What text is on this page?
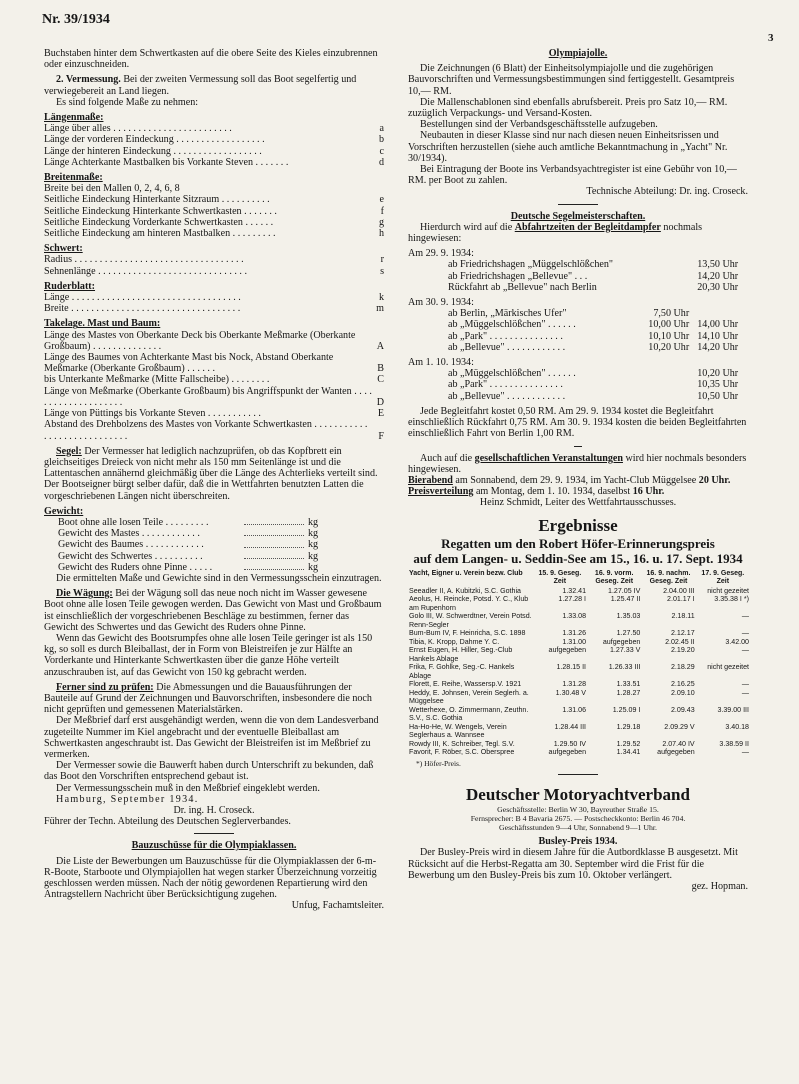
Nr. 39/1934
3

Buchstaben hinter dem Schwertkasten auf die obere Seite des Kieles einzubrennen oder einzuschneiden.

2. Vermessung. Bei der zweiten Vermessung soll das Boot segelfertig und verwiegebereit an Land liegen.

Es sind folgende Maße zu nehmen:

Längenmaße:

Länge über alles . . . . . . . . . . . . . . . . . . . . . . . .	a
Länge der vorderen Eindeckung . . . . . . . . . . . . . . . . . .	b
Länge der hinteren Eindeckung . . . . . . . . . . . . . . . . . .	c
Länge Achterkante Mastbalken bis Vorkante Steven . . . . . . .	d

Breitenmaße:

Breite bei den Mallen 0, 2, 4, 6, 8

Seitliche Eindeckung Hinterkante Sitzraum . . . . . . . . . .	e
Seitliche Eindeckung Hinterkante Schwertkasten . . . . . . .	f
Seitliche Eindeckung Vorderkante Schwertkasten . . . . . .	g
Seitliche Eindeckung am hinteren Mastbalken . . . . . . . . .	h

Schwert:

Radius . . . . . . . . . . . . . . . . . . . . . . . . . . . . . . . . . .	r
Sehnenlänge . . . . . . . . . . . . . . . . . . . . . . . . . . . . . .	s

Ruderblatt:

Länge . . . . . . . . . . . . . . . . . . . . . . . . . . . . . . . . . .	k
Breite . . . . . . . . . . . . . . . . . . . . . . . . . . . . . . . . . .	m

Takelage. Mast und Baum:

Länge des Mastes von Oberkante Deck bis Oberkante Meßmarke (Oberkante Großbaum) . . . . . . . . . . . . . .	A
Länge des Baumes von Achterkante Mast bis Nock, Abstand Oberkante Meßmarke (Oberkante Großbaum) . . . . . .	B
bis Unterkante Meßmarke (Mitte Fallscheibe) . . . . . . . .	C
Länge von Meßmarke (Oberkante Großbaum) bis Angriffspunkt der Wanten . . . . . . . . . . . . . . . . . . . .	D
Länge von Püttings bis Vorkante Steven . . . . . . . . . . .	E
Abstand des Drehbolzens des Mastes von Vorkante Schwertkasten . . . . . . . . . . . . . . . . . . . . . . . . . . . .	F

Segel: Der Vermesser hat lediglich nachzuprüfen, ob das Kopfbrett ein gleichseitiges Dreieck von nicht mehr als 150 mm Seitenlänge ist und die Lattentaschen annähernd gleichmäßig über die Länge des Achterlieks verteilt sind. Der Bootseigner bürgt selber dafür, daß die in Wettfahrten benutzten Latten die vorgeschriebenen Längen nicht überschreiten.

Gewicht:

Boot ohne alle losen Teile . . . . . . . . .	kg
Gewicht des Mastes . . . . . . . . . . . .	kg
Gewicht des Baumes . . . . . . . . . . . .	kg
Gewicht des Schwertes . . . . . . . . . .	kg
Gewicht des Ruders ohne Pinne . . . . .	kg

Die ermittelten Maße und Gewichte sind in den Vermessungsschein einzutragen.

Die Wägung: Bei der Wägung soll das neue noch nicht im Wasser gewesene Boot ohne alle losen Teile gewogen werden. Das Gewicht von Mast und Großbaum ist einschließlich der vorgeschriebenen Beschläge zu bestimmen, ferner das Gewicht des Schwertes und das Gewicht des Ruders ohne Pinne.

Wenn das Gewicht des Bootsrumpfes ohne alle losen Teile geringer ist als 150 kg, so soll es durch Bleiballast, der in Form von Bleistreifen je zur Hälfte an Vorderkante und Hinterkante Schwertkasten über die ganze Höhe verteilt anzuschrauben ist, auf das Gewicht von 150 kg gebracht werden.

Ferner sind zu prüfen: Die Abmessungen und die Bauausführungen der Bauteile auf Grund der Zeichnungen und Bauvorschriften, insbesondere die noch nicht geprüften und gemessenen Materialstärken.

Der Meßbrief darf erst ausgehändigt werden, wenn die von dem Landesverband zugeteilte Nummer im Kiel angebracht und der eventuelle Bleiballast am Schwertkasten angeschraubt ist. Das Gewicht der Bleistreifen ist im Meßbrief zu vermerken.

Der Vermesser sowie die Bauwerft haben durch Unterschrift zu bekunden, daß das Boot den Vorschriften entsprechend gebaut ist.

Der Vermessungsschein muß in den Meßbrief eingeklebt werden.

Hamburg, September 1934.

Dr. ing. H. Croseck.

Führer der Techn. Abteilung des Deutschen Seglerverbandes.

Bauzuschüsse für die Olympiaklassen.

Die Liste der Bewerbungen um Bauzuschüsse für die Olympiaklassen der 6-m-R-Boote, Starboote und Olympiajollen hat wegen starker Überzeichnung vorzeitig geschlossen werden müssen. Nach der nötig gewordenen Repartierung wird den Antragstellern Nachricht über Berücksichtigung zugehen.

Unfug, Fachamtsleiter.

Olympiajolle.

Die Zeichnungen (6 Blatt) der Einheitsolympiajolle und die zugehörigen Bauvorschriften und Vermessungsbestimmungen sind fertiggestellt. Gesamtpreis 10,— RM.

Die Mallenschablonen sind ebenfalls abrufsbereit. Preis pro Satz 10,— RM. zuzüglich Verpackungs- und Versand-Kosten.

Bestellungen sind der Verbandsgeschäftsstelle aufzugeben.

Neubauten in dieser Klasse sind nur nach diesen neuen Einheitsrissen und Vorschriften herzustellen (siehe auch amtliche Bekanntmachung in „Yacht" Nr. 30/1934).

Bei Eintragung der Boote ins Verbandsyachtregister ist eine Gebühr von 10,— RM. per Boot zu zahlen.

Technische Abteilung: Dr. ing. Croseck.

Deutsche Segelmeisterschaften.

Hierdurch wird auf die Abfahrtzeiten der Begleitdampfer nochmals hingewiesen:

Am 29. 9. 1934:

ab Friedrichshagen „Müggelschlößchen"	13,50 Uhr
ab Friedrichshagen „Bellevue" . . .	14,20 Uhr
Rückfahrt ab „Bellevue" nach Berlin	20,30 Uhr

Am 30. 9. 1934:

ab Berlin, „Märkisches Ufer"	7,50 Uhr
ab „Müggelschlößchen" . . . . . .	10,00 Uhr 14,00 Uhr
ab „Park" . . . . . . . . . . . . . . .	10,10 Uhr 14,10 Uhr
ab „Bellevue" . . . . . . . . . . . .	10,20 Uhr 14,20 Uhr

Am 1. 10. 1934:

ab „Müggelschlößchen" . . . . . .	10,20 Uhr
ab „Park" . . . . . . . . . . . . . . .	10,35 Uhr
ab „Bellevue" . . . . . . . . . . . .	10,50 Uhr

Jede Begleitfahrt kostet 0,50 RM. Am 29. 9. 1934 kostet die Begleitfahrt einschließlich Rückfahrt 0,75 RM. Am 30. 9. 1934 kosten die beiden Begleitfahrten einschließlich Fahrt von Berlin 1,00 RM.

Auch auf die gesellschaftlichen Veranstaltungen wird hier nochmals besonders hingewiesen.

Bierabend am Sonnabend, dem 29. 9. 1934, im Yacht-Club Müggelsee 20 Uhr.

Preisverteilung am Montag, dem 1. 10. 1934, daselbst 16 Uhr.

Heinz Schmidt, Leiter des Wettfahrtausschusses.

Ergebnisse
Regatten um den Robert Höfer-Erinnerungspreis
auf dem Langen- u. Seddin-See am 15., 16. u. 17. Sept. 1934
Yacht, Eigner u. Verein bezw. Club	15. 9. Geseg. Zeit	16. 9. vorm. Geseg. Zeit	16. 9. nachm. Geseg. Zeit	17. 9. Geseg. Zeit
Seeadler II, A. Kubitzki, S.C. Gothia	1.32.41	1.27.05 IV	2.04.00 III	nicht gezeitet
Aeolus, H. Reincke, Potsd. Y. C., Klub am Rupenhorn	1.27.28 I	1.25.47 II	2.01.17 I	3.35.38 I *)
Golo III, W. Schwerdtner, Verein Potsd. Renn-Segler	1.33.08	1.35.03	2.18.11	—
Bum-Bum IV, F. Heinricha, S.C. 1898	1.31.26	1.27.50	2.12.17	—
Tibia, K. Kropp, Dahme Y. C.	1.31.00	aufgegeben	2.02.45 II	3.42.00
Ernst Eugen, H. Hiller, Seg.-Club Hankels Ablage	aufgegeben	1.27.33 V	2.19.20	—
Frika, F. Gohlke, Seg.-C. Hankels Ablage	1.28.15 II	1.26.33 III	2.18.29	nicht gezeitet
Florett, E. Reihe, Wassersp.V. 1921	1.31.28	1.33.51	2.16.25	—
Heddy, E. Johnsen, Verein Seglerh. a. Müggelsee	1.30.48 V	1.28.27	2.09.10	—
Wetterhexe, O. Zimmermann, Zeuthn. S.V., S.C. Gothia	1.31.06	1.25.09 I	2.09.43	3.39.00 III
Ha-Ho-He, W. Wengels, Verein Seglerhaus a. Wannsee	1.28.44 III	1.29.18	2.09.29 V	3.40.18
Rowdy III, K. Schreiber, Tegl. S.V.	1.29.50 IV	1.29.52	2.07.40 IV	3.38.59 II
Favorit, F. Röber, S.C. Oberspree	aufgegeben	1.34.41	aufgegeben	—

*) Höfer-Preis.

Deutscher Motoryachtverband

Geschäftsstelle: Berlin W 30, Bayreuther Straße 15.

Fernsprecher: B 4 Bavaria 2675. — Postscheckkonto: Berlin 46 704.

Geschäftsstunden 9—4 Uhr, Sonnabend 9—1 Uhr.

Busley-Preis 1934.

Der Busley-Preis wird in diesem Jahre für die Autbordklasse B ausgesetzt. Mit Rücksicht auf die Herbst-Regatta am 30. September wird die Frist für die Bewerbung um den Busley-Preis bis zum 10. Oktober verlängert.

gez. Hopman.
